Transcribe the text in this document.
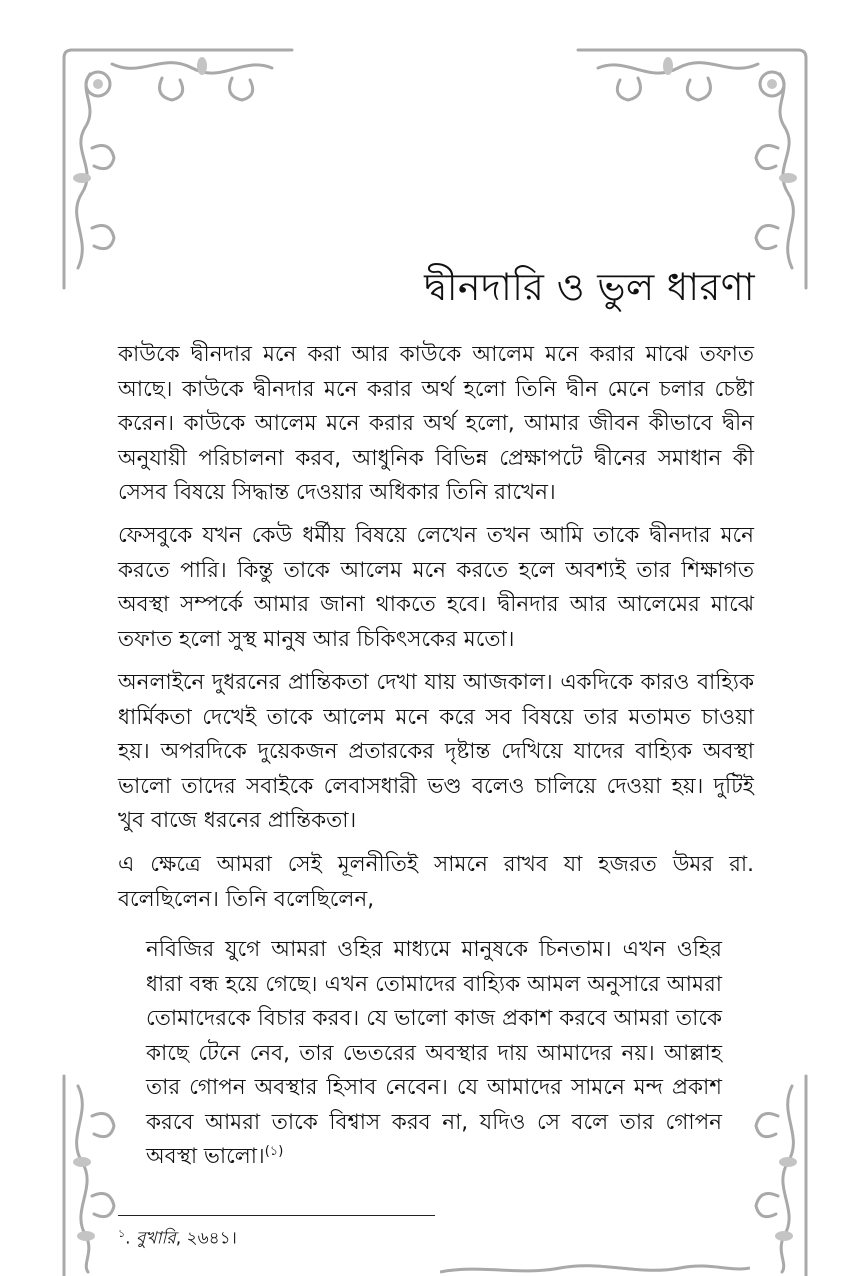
দ্বীনদারি ও ভুল ধারণা

কাউকে দ্বীনদার মনে করা আর কাউকে আলেম মনে করার মাঝে তফাত আছে। কাউকে দ্বীনদার মনে করার অর্থ হলো তিনি দ্বীন মেনে চলার চেষ্টা করেন। কাউকে আলেম মনে করার অর্থ হলো, আমার জীবন কীভাবে দ্বীন অনুযায়ী পরিচালনা করব, আধুনিক বিভিন্ন প্রেক্ষাপটে দ্বীনের সমাধান কী সেসব বিষয়ে সিদ্ধান্ত দেওয়ার অধিকার তিনি রাখেন।

ফেসবুকে যখন কেউ ধর্মীয় বিষয়ে লেখেন তখন আমি তাকে দ্বীনদার মনে করতে পারি। কিন্তু তাকে আলেম মনে করতে হলে অবশ্যই তার শিক্ষাগত অবস্থা সম্পর্কে আমার জানা থাকতে হবে। দ্বীনদার আর আলেমের মাঝে তফাত হলো সুস্থ মানুষ আর চিকিৎসকের মতো।

অনলাইনে দুধরনের প্রান্তিকতা দেখা যায় আজকাল। একদিকে কারও বাহ্যিক ধার্মিকতা দেখেই তাকে আলেম মনে করে সব বিষয়ে তার মতামত চাওয়া হয়। অপরদিকে দুয়েকজন প্রতারকের দৃষ্টান্ত দেখিয়ে যাদের বাহ্যিক অবস্থা ভালো তাদের সবাইকে লেবাসধারী ভণ্ড বলেও চালিয়ে দেওয়া হয়। দুটিই খুব বাজে ধরনের প্রান্তিকতা।

এ ক্ষেত্রে আমরা সেই মূলনীতিই সামনে রাখব যা হজরত উমর রা. বলেছিলেন। তিনি বলেছিলেন,

নবিজির যুগে আমরা ওহির মাধ্যমে মানুষকে চিনতাম। এখন ওহির ধারা বন্ধ হয়ে গেছে। এখন তোমাদের বাহ্যিক আমল অনুসারে আমরা তোমাদেরকে বিচার করব। যে ভালো কাজ প্রকাশ করবে আমরা তাকে কাছে টেনে নেব, তার ভেতরের অবস্থার দায় আমাদের নয়। আল্লাহ তার গোপন অবস্থার হিসাব নেবেন। যে আমাদের সামনে মন্দ প্রকাশ করবে আমরা তাকে বিশ্বাস করব না, যদিও সে বলে তার গোপন অবস্থা ভালো।$^{(১)}$

$^১$. বুখারি, ২৬৪১।
